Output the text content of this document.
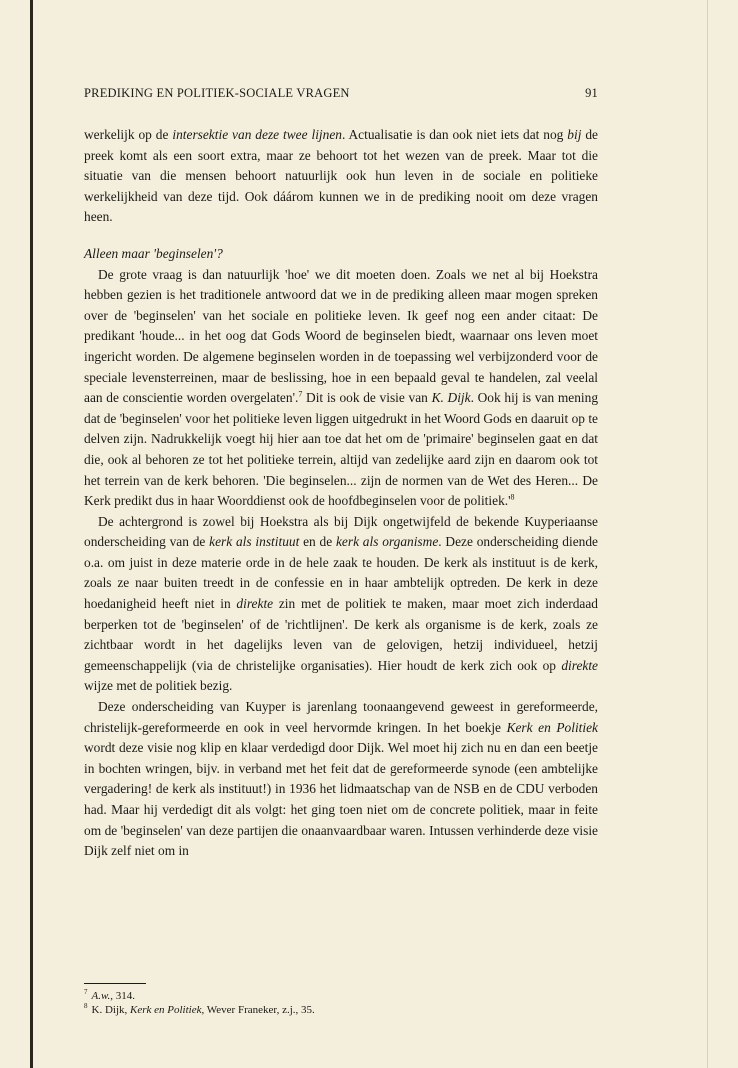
PREDIKING EN POLITIEK-SOCIALE VRAGEN	91

werkelijk op de intersektie van deze twee lijnen. Actualisatie is dan ook niet iets dat nog bij de preek komt als een soort extra, maar ze behoort tot het wezen van de preek. Maar tot die situatie van die mensen behoort natuurlijk ook hun leven in de sociale en politieke werkelijkheid van deze tijd. Ook dáárom kunnen we in de prediking nooit om deze vragen heen.

Alleen maar 'beginselen'?

De grote vraag is dan natuurlijk 'hoe' we dit moeten doen. Zoals we net al bij Hoekstra hebben gezien is het traditionele antwoord dat we in de prediking alleen maar mogen spreken over de 'beginselen' van het sociale en politieke leven. Ik geef nog een ander citaat: De predikant 'houde... in het oog dat Gods Woord de beginselen biedt, waarnaar ons leven moet ingericht worden. De algemene beginselen worden in de toepassing wel verbijzonderd voor de speciale levensterreinen, maar de beslissing, hoe in een bepaald geval te handelen, zal veelal aan de conscientie worden overgelaten'.$^7$ Dit is ook de visie van K. Dijk. Ook hij is van mening dat de 'beginselen' voor het politieke leven liggen uitgedrukt in het Woord Gods en daaruit op te delven zijn. Nadrukkelijk voegt hij hier aan toe dat het om de 'primaire' beginselen gaat en dat die, ook al behoren ze tot het politieke terrein, altijd van zedelijke aard zijn en daarom ook tot het terrein van de kerk behoren. 'Die beginselen... zijn de normen van de Wet des Heren... De Kerk predikt dus in haar Woorddienst ook de hoofdbeginselen voor de $politiek.'^8$

De achtergrond is zowel bij Hoekstra als bij Dijk ongetwijfeld de bekende Kuyperiaanse onderscheiding van de kerk als instituut en de kerk als organisme. Deze onderscheiding diende o.a. om juist in deze materie orde in de hele zaak te houden. De kerk als instituut is de kerk, zoals ze naar buiten treedt in de confessie en in haar ambtelijk optreden. De kerk in deze hoedanigheid heeft niet in direkte zin met de politiek te maken, maar moet zich inderdaad berperken tot de 'beginselen' of de 'richtlijnen'. De kerk als organisme is de kerk, zoals ze zichtbaar wordt in het dagelijks leven van de gelovigen, hetzij individueel, hetzij gemeenschappelijk (via de christelijke organisaties). Hier houdt de kerk zich ook op direkte wijze met de politiek bezig.

Deze onderscheiding van Kuyper is jarenlang toonaangevend geweest in gereformeerde, christelijk-gereformeerde en ook in veel hervormde kringen. In het boekje Kerk en Politiek wordt deze visie nog klip en klaar verdedigd door Dijk. Wel moet hij zich nu en dan een beetje in bochten wringen, bijv. in verband met het feit dat de gereformeerde synode (een ambtelijke vergadering! de kerk als instituut!) in 1936 het lidmaatschap van de NSB en de CDU verboden had. Maar hij verdedigt dit als volgt: het ging toen niet om de concrete politiek, maar in feite om de 'beginselen' van deze partijen die onaanvaardbaar waren. Intussen verhinderde deze visie Dijk zelf niet om in

$^7$ A.w., 314.
$^8$ K. Dijk, Kerk en Politiek, Wever Franeker, z.j., 35.
